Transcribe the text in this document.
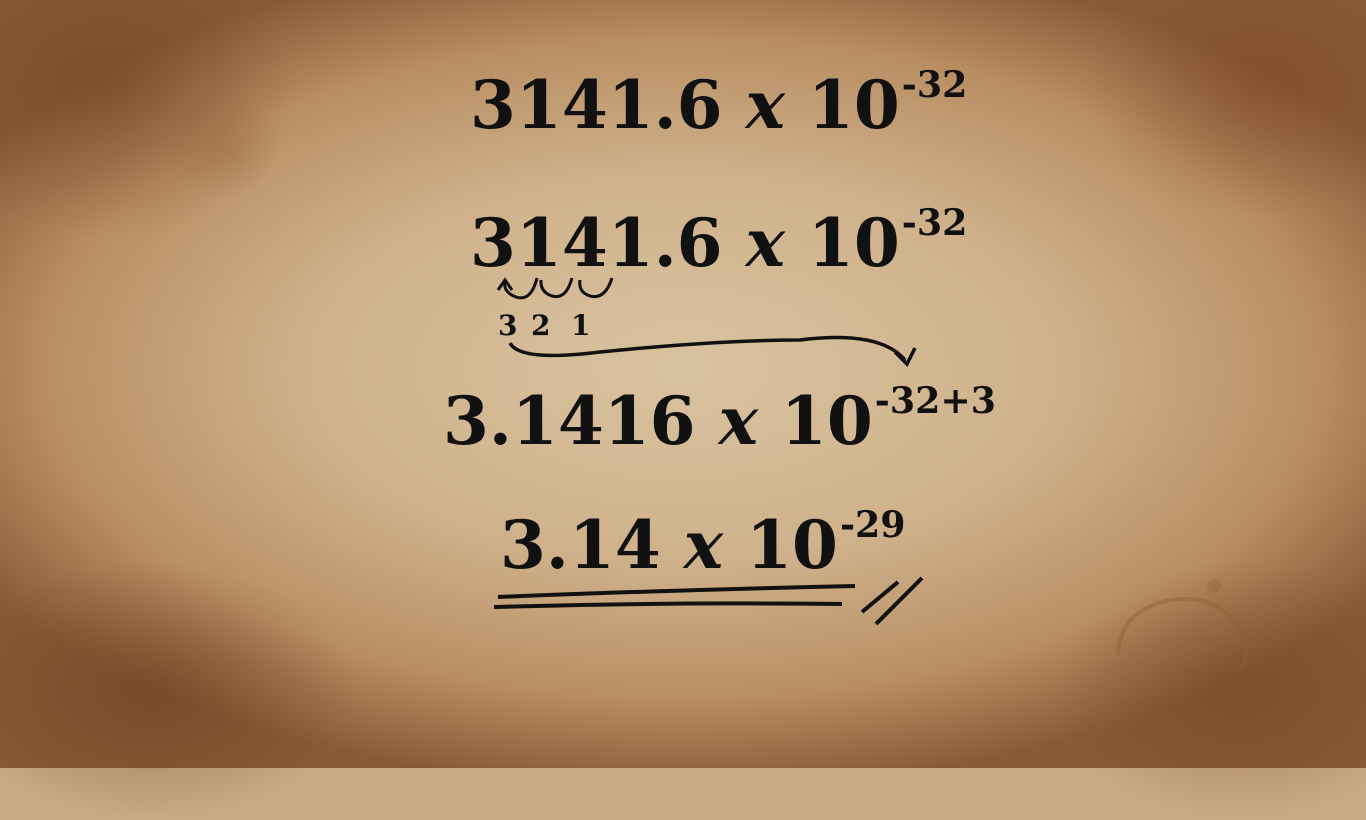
3141.6 x $10^{-32}$
3141.6 x $10^{-32}$
3 2 1
3.1416 x $10^{-32+3}$
3.14 x $10^{-29}$
